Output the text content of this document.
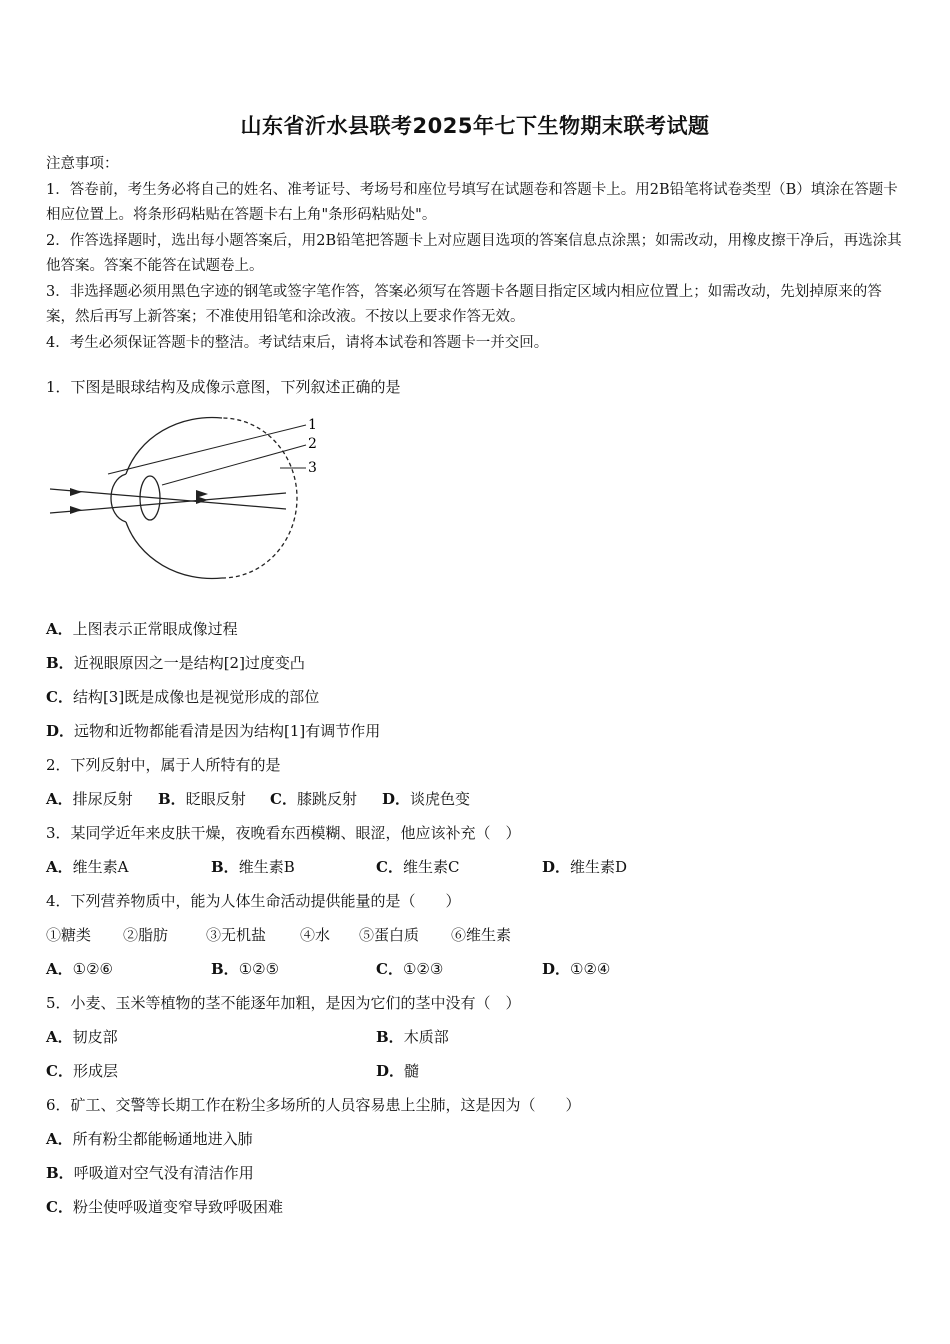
山东省沂水县联考2025年七下生物期末联考试题

注意事项：

1．答卷前，考生务必将自己的姓名、准考证号、考场号和座位号填写在试题卷和答题卡上。用2B铅笔将试卷类型（B）填涂在答题卡相应位置上。将条形码粘贴在答题卡右上角"条形码粘贴处"。

2．作答选择题时，选出每小题答案后，用2B铅笔把答题卡上对应题目选项的答案信息点涂黑；如需改动，用橡皮擦干净后，再选涂其他答案。答案不能答在试题卷上。

3．非选择题必须用黑色字迹的钢笔或签字笔作答，答案必须写在答题卡各题目指定区域内相应位置上；如需改动，先划掉原来的答案，然后再写上新答案；不准使用铅笔和涂改液。不按以上要求作答无效。

4．考生必须保证答题卡的整洁。考试结束后，请将本试卷和答题卡一并交回。

1．下图是眼球结构及成像示意图，下列叙述正确的是
1
2
3
A．上图表示正常眼成像过程
B．近视眼原因之一是结构[2]过度变凸
C．结构[3]既是成像也是视觉形成的部位
D．远物和近物都能看清是因为结构[1]有调节作用
2．下列反射中，属于人所特有的是
A．排尿反射 B．眨眼反射 C．膝跳反射 D．谈虎色变
3．某同学近年来皮肤干燥，夜晚看东西模糊、眼涩，他应该补充（　）
A．维生素A	B．维生素B	C．维生素C	D．维生素D
4．下列营养物质中，能为人体生命活动提供能量的是（　　）
①糖类 ②脂肪	③无机盐 ④水 ⑤蛋白质 ⑥维生素
A．①②⑥	B．①②⑤	C．①②③	D．①②④
5．小麦、玉米等植物的茎不能逐年加粗，是因为它们的茎中没有（　）
A．韧皮部	B．木质部
C．形成层	D．髓
6．矿工、交警等长期工作在粉尘多场所的人员容易患上尘肺，这是因为（　　）
A．所有粉尘都能畅通地进入肺
B．呼吸道对空气没有清洁作用
C．粉尘使呼吸道变窄导致呼吸困难
